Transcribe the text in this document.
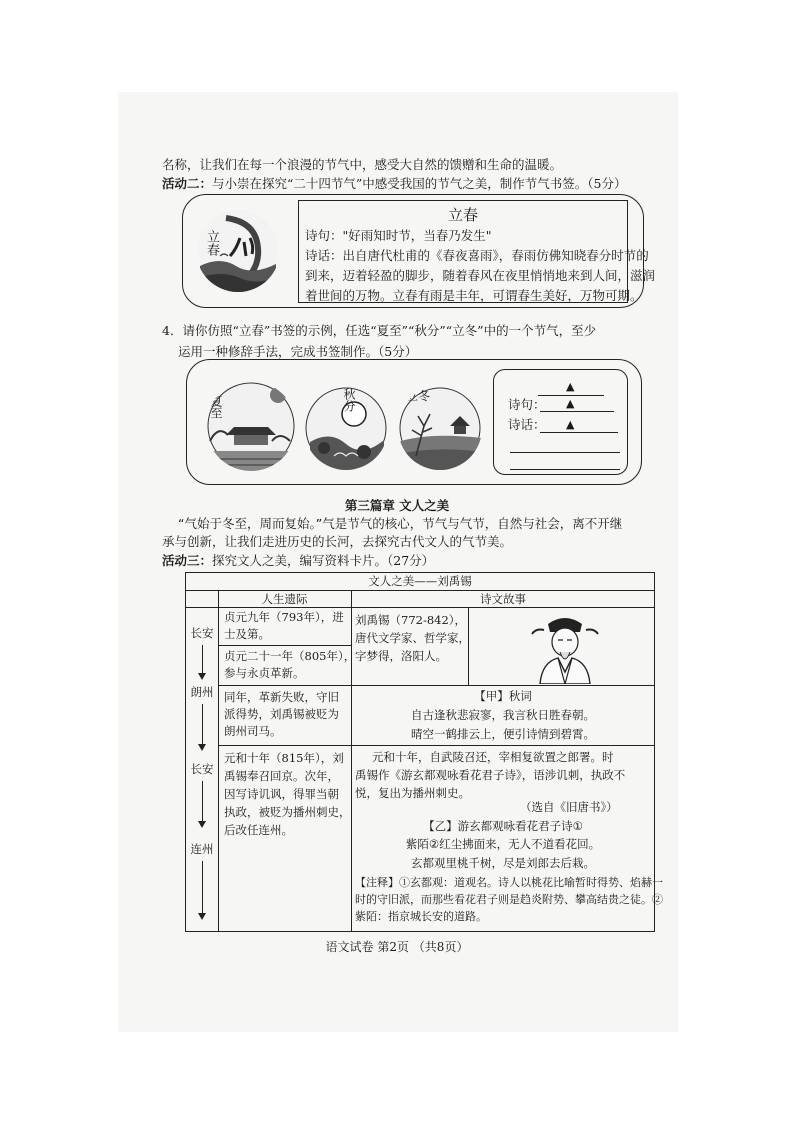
名称，让我们在每一个浪漫的节气中，感受大自然的馈赠和生命的温暖。
活动二：与小崇在探究“二十四节气”中感受我国的节气之美，制作节气书签。（5分）
立春
立春
诗句："好雨知时节，当春乃发生"
诗话：出自唐代杜甫的《春夜喜雨》，春雨仿佛知晓春分时节的
到来，迈着轻盈的脚步，随着春风在夜里悄悄地来到人间，滋润
着世间的万物。立春有雨是丰年，可谓春生美好，万物可期。
4．请你仿照“立春”书签的示例，任选“夏至”“秋分”“立冬”中的一个节气，至少
运用一种修辞手法，完成书签制作。（5分）
夏至	立冬
▲
诗句： ▲
诗话： ▲
第三篇章 文人之美
“气始于冬至，周而复始。”气是节气的核心，节气与气节，自然与社会，离不开继
承与创新，让我们走进历史的长河，去探究古代文人的气节美。
活动三：探究文人之美，编写资料卡片。（27分）
文人之美——刘禹锡
人生遗际	诗文故事
长安
朗州
长安
连州
贞元九年（793年），进
士及第。
贞元二十一年（805年），
参与永贞革新。
同年，革新失败，守旧
派得势，刘禹锡被贬为
朗州司马。
元和十年（815年），刘
禹锡奉召回京。次年，
因写诗讥讽，得罪当朝
执政，被贬为播州刺史，
后改任连州。
刘禹锡（772-842），
唐代文学家、哲学家，
字梦得，洛阳人。
【甲】秋词
自古逢秋悲寂寥，我言秋日胜春朝。
晴空一鹤排云上，便引诗情到碧霄。
元和十年，自武陵召还，宰相复欲置之郎署。时
禹锡作《游玄都观咏看花君子诗》，语涉讥刺，执政不
悦，复出为播州刺史。
（选自《旧唐书》）
【乙】游玄都观咏看花君子诗①
紫陌②红尘拂面来，无人不道看花回。
玄都观里桃千树，尽是刘郎去后栽。
【注释】①玄都观：道观名。诗人以桃花比喻暂时得势、焰赫一
时的守旧派，而那些看花君子则是趋炎附势、攀高结贵之徒。②
紫陌：指京城长安的道路。
语文试卷 第2页 （共8页）
